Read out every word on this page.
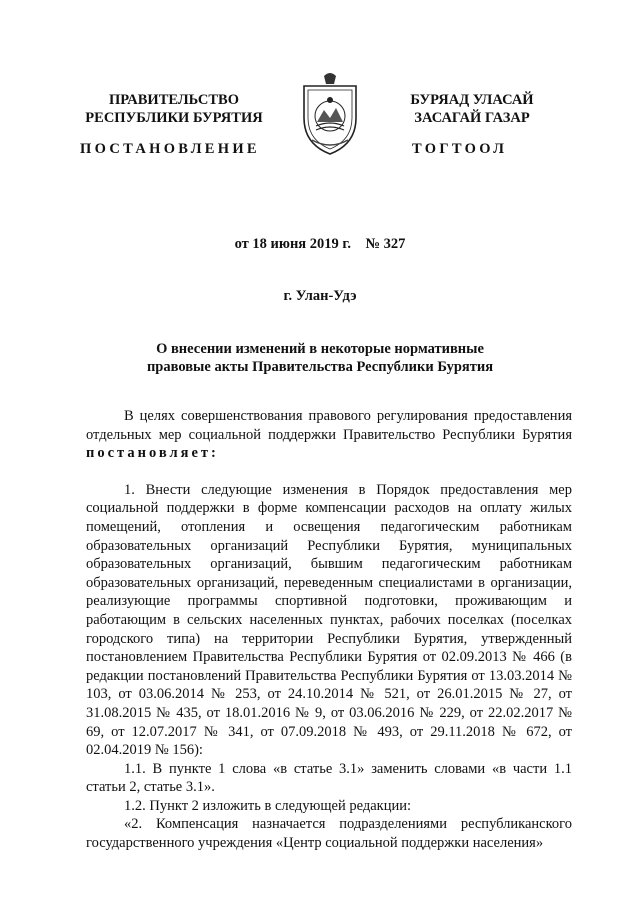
ПРАВИТЕЛЬСТВО
РЕСПУБЛИКИ БУРЯТИЯ
БУРЯАД УЛАСАЙ
ЗАСАГАЙ ГАЗАР
ПОСТАНОВЛЕНИЕ	ТОГТООЛ
от 18 июня 2019 г.    № 327
г. Улан-Удэ
О внесении изменений в некоторые нормативные
правовые акты Правительства Республики Бурятия

В целях совершенствования правового регулирования предоставления отдельных мер социальной поддержки Правительство Республики Бурятия постановляет:

1. Внести следующие изменения в Порядок предоставления мер социальной поддержки в форме компенсации расходов на оплату жилых помещений, отопления и освещения педагогическим работникам образовательных организаций Республики Бурятия, муниципальных образовательных организаций, бывшим педагогическим работникам образовательных организаций, переведенным специалистами в организации, реализующие программы спортивной подготовки, проживающим и работающим в сельских населенных пунктах, рабочих поселках (поселках городского типа) на территории Республики Бурятия, утвержденный постановлением Правительства Республики Бурятия от 02.09.2013 № 466 (в редакции постановлений Правительства Республики Бурятия от 13.03.2014 № 103, от 03.06.2014 № 253, от 24.10.2014 № 521, от 26.01.2015 № 27, от 31.08.2015 № 435, от 18.01.2016 № 9, от 03.06.2016 № 229, от 22.02.2017 № 69, от 12.07.2017 № 341, от 07.09.2018 № 493, от 29.11.2018 № 672, от 02.04.2019 № 156):

1.1. В пункте 1 слова «в статье 3.1» заменить словами «в части 1.1 статьи 2, статье 3.1».

1.2. Пункт 2 изложить в следующей редакции:

«2. Компенсация назначается подразделениями республиканского государственного учреждения «Центр социальной поддержки населения»
